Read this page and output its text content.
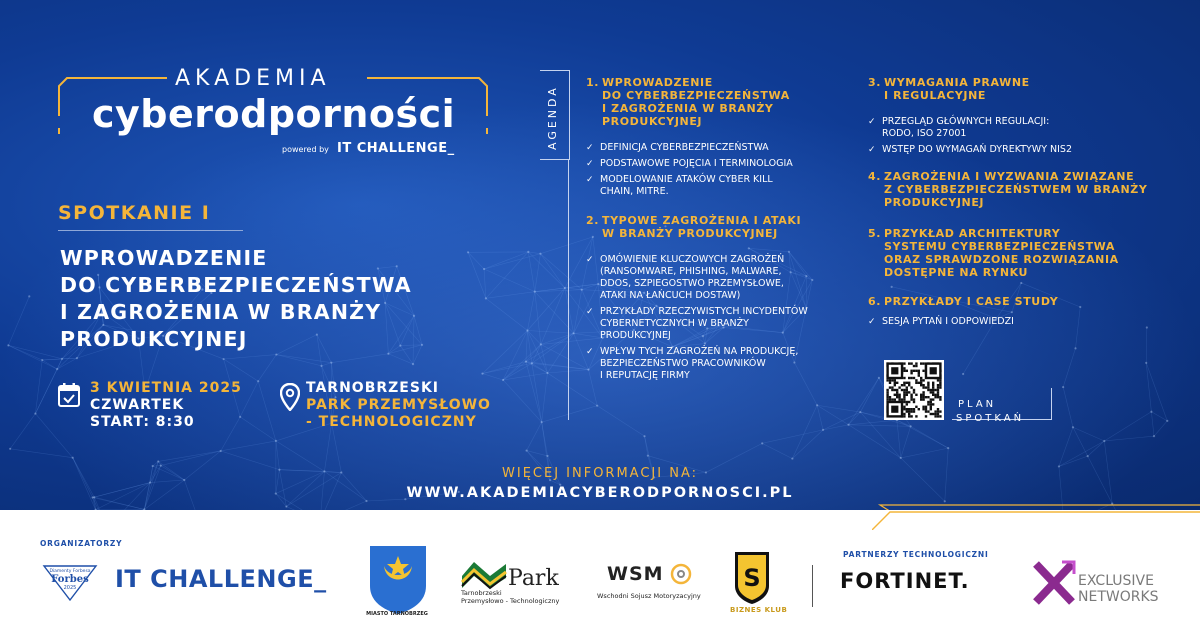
AKADEMIA
cyberodporności
powered by IT CHALLENGE_
SPOTKANIE I
WPROWADZENIE
DO CYBERBEZPIECZEŃSTWA
I ZAGROŻENIA W BRANŻY
PRODUKCYJNEJ
3 KWIETNIA 2025
CZWARTEK
START: 8:30
TARNOBRZESKI
PARK PRZEMYSŁOWO
- TECHNOLOGICZNY
WIĘCEJ INFORMACJI NA:
WWW.AKADEMIACYBERODPORNOSCI.PL
AGENDA
1. WPROWADZENIE
DO CYBERBEZPIECZEŃSTWA
I ZAGROŻENIA W BRANŻY
PRODUKCYJNEJ
✓ DEFINICJA CYBERBEZPIECZEŃSTWA
✓ PODSTAWOWE POJĘCIA I TERMINOLOGIA
✓ MODELOWANIE ATAKÓW CYBER KILL
CHAIN, MITRE.
2. TYPOWE ZAGROŻENIA I ATAKI
W BRANŻY PRODUKCYJNEJ
✓ OMÓWIENIE KLUCZOWYCH ZAGROŻEŃ
(RANSOMWARE, PHISHING, MALWARE,
DDOS, SZPIEGOSTWO PRZEMYSŁOWE,
ATAKI NA ŁAŃCUCH DOSTAW)
✓ PRZYKŁADY RZECZYWISTYCH INCYDENTÓW
CYBERNETYCZNYCH W BRANŻY
PRODUKCYJNEJ
✓ WPŁYW TYCH ZAGROŻEŃ NA PRODUKCJĘ,
BEZPIECZEŃSTWO PRACOWNIKÓW
I REPUTACJĘ FIRMY
3. WYMAGANIA PRAWNE
I REGULACYJNE
✓ PRZEGLĄD GŁÓWNYCH REGULACJI:
RODO, ISO 27001
✓ WSTĘP DO WYMAGAŃ DYREKTYWY NIS2
4. ZAGROŻENIA I WYZWANIA ZWIĄZANE
Z CYBERBEZPIECZEŃSTWEM W BRANŻY
PRODUKCYJNEJ
5. PRZYKŁAD ARCHITEKTURY
SYSTEMU CYBERBEZPIECZEŃSTWA
ORAZ SPRAWDZONE ROZWIĄZANIA
DOSTĘPNE NA RYNKU
6. PRZYKŁADY I CASE STUDY
✓ SESJA PYTAŃ I ODPOWIEDZI
PLAN
SPOTKAŃ
ORGANIZATORZY
PARTNERZY TECHNOLOGICZNI
Diamenty Forbesa
Forbes
2025 IT CHALLENGE_
MIASTO TARNOBRZEG
Park
Tarnobrzeski
Przemysłowo - Technologiczny
WSM
Wschodni Sojusz Motoryzacyjny
S
BIZNES KLUB
FORTINET.	EXCLUSIVE
NETWORKS
